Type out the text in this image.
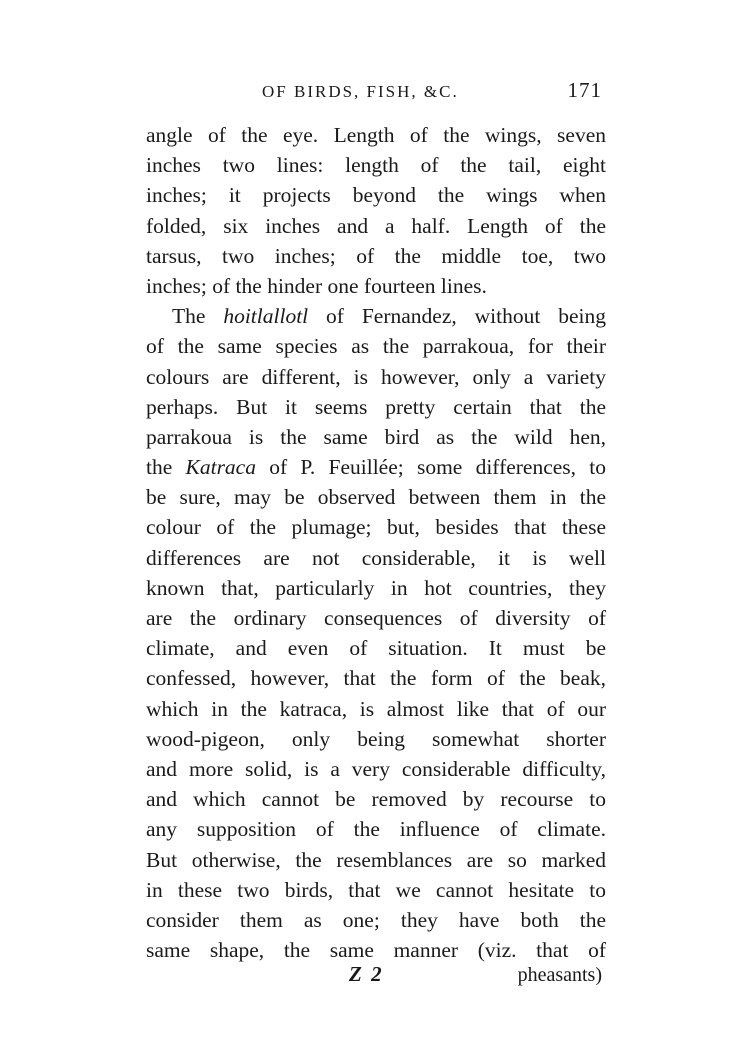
OF BIRDS, FISH, &C.	171
angle of the eye. Length of the wings, seven
inches two lines: length of the tail, eight
inches; it projects beyond the wings when
folded, six inches and a half. Length of the
tarsus, two inches; of the middle toe, two
inches; of the hinder one fourteen lines.
The hoitlallotl of Fernandez, without being
of the same species as the parrakoua, for their
colours are different, is however, only a variety
perhaps. But it seems pretty certain that the
parrakoua is the same bird as the wild hen,
the Katraca of P. Feuillée; some differences, to
be sure, may be observed between them in the
colour of the plumage; but, besides that these
differences are not considerable, it is well
known that, particularly in hot countries, they
are the ordinary consequences of diversity of
climate, and even of situation. It must be
confessed, however, that the form of the beak,
which in the katraca, is almost like that of our
wood-pigeon, only being somewhat shorter
and more solid, is a very considerable difficulty,
and which cannot be removed by recourse to
any supposition of the influence of climate.
But otherwise, the resemblances are so marked
in these two birds, that we cannot hesitate to
consider them as one; they have both the
same shape, the same manner (viz. that of
Z 2	pheasants)
